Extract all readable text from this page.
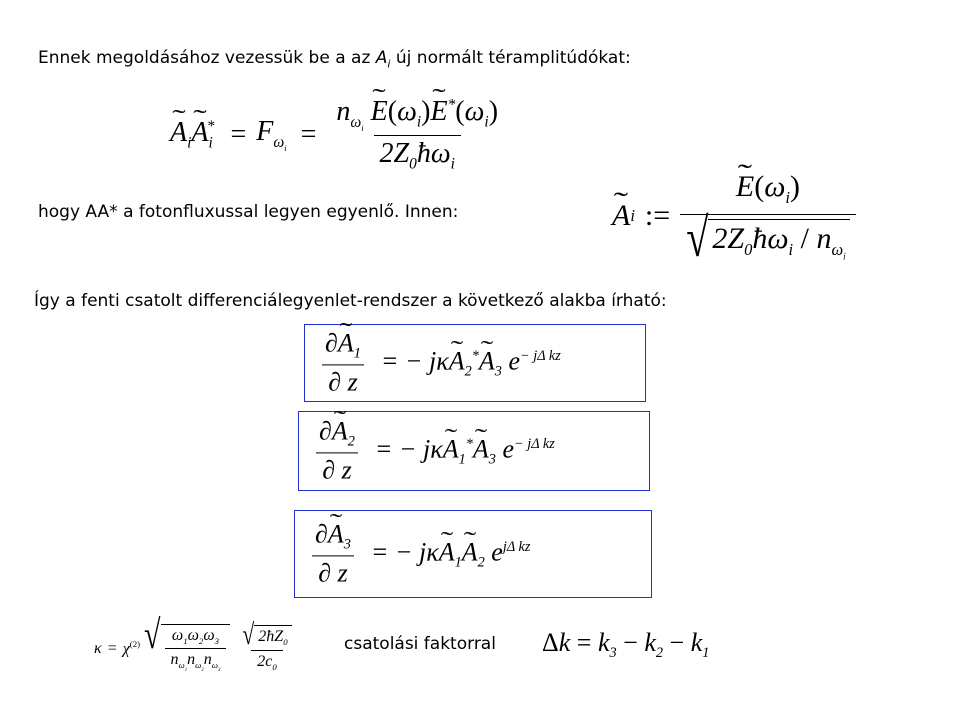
Ennek megoldásához vezessük be a az $A_i$ új normált téramplitúdókat:
˜ $A_i˜$ $A_i^* = F_{\omega_i} = \frac{n_{\omega_i} ˜ E(\omega_i)˜ E^*(\omega_i)}{2Z_0ħ\omega_i}$
hogy AA* a fotonfluxussal legyen egyenlő. Innen:	˜ A i := ˜ $\frac{E(\omega_i)}{√ 2Z_0ħ\omega_i / n_{\omega_i}}$
Így a fenti csatolt differenciálegyenlet-rendszer a következő alakba írható:
$\frac{\partial˜ A_1}{\partial z}$ = − jκ˜ $A_2^*˜$ $A_3$ $e^{- j\Delta kz}$
$\frac{\partial˜ A_2}{\partial z}$ = − jκ˜ $A_1^*˜$ $A_3$ $e^{- j\Delta kz}$
$\frac{\partial˜ A_3}{\partial z}$ = − jκ˜ $A_1˜$ $A_2$ $e^{j\Delta kz}$
$\kappa = \chi^{(2)}$ √ $\frac{\omega_1\omega_2\omega_3}{n_{\omega_1}n_{\omega_2}n_{\omega_3}} \frac{√ 2ħZ_0}{2c_0}$	csatolási faktorral $\Delta k = k_3 - k_2 - k_1$
